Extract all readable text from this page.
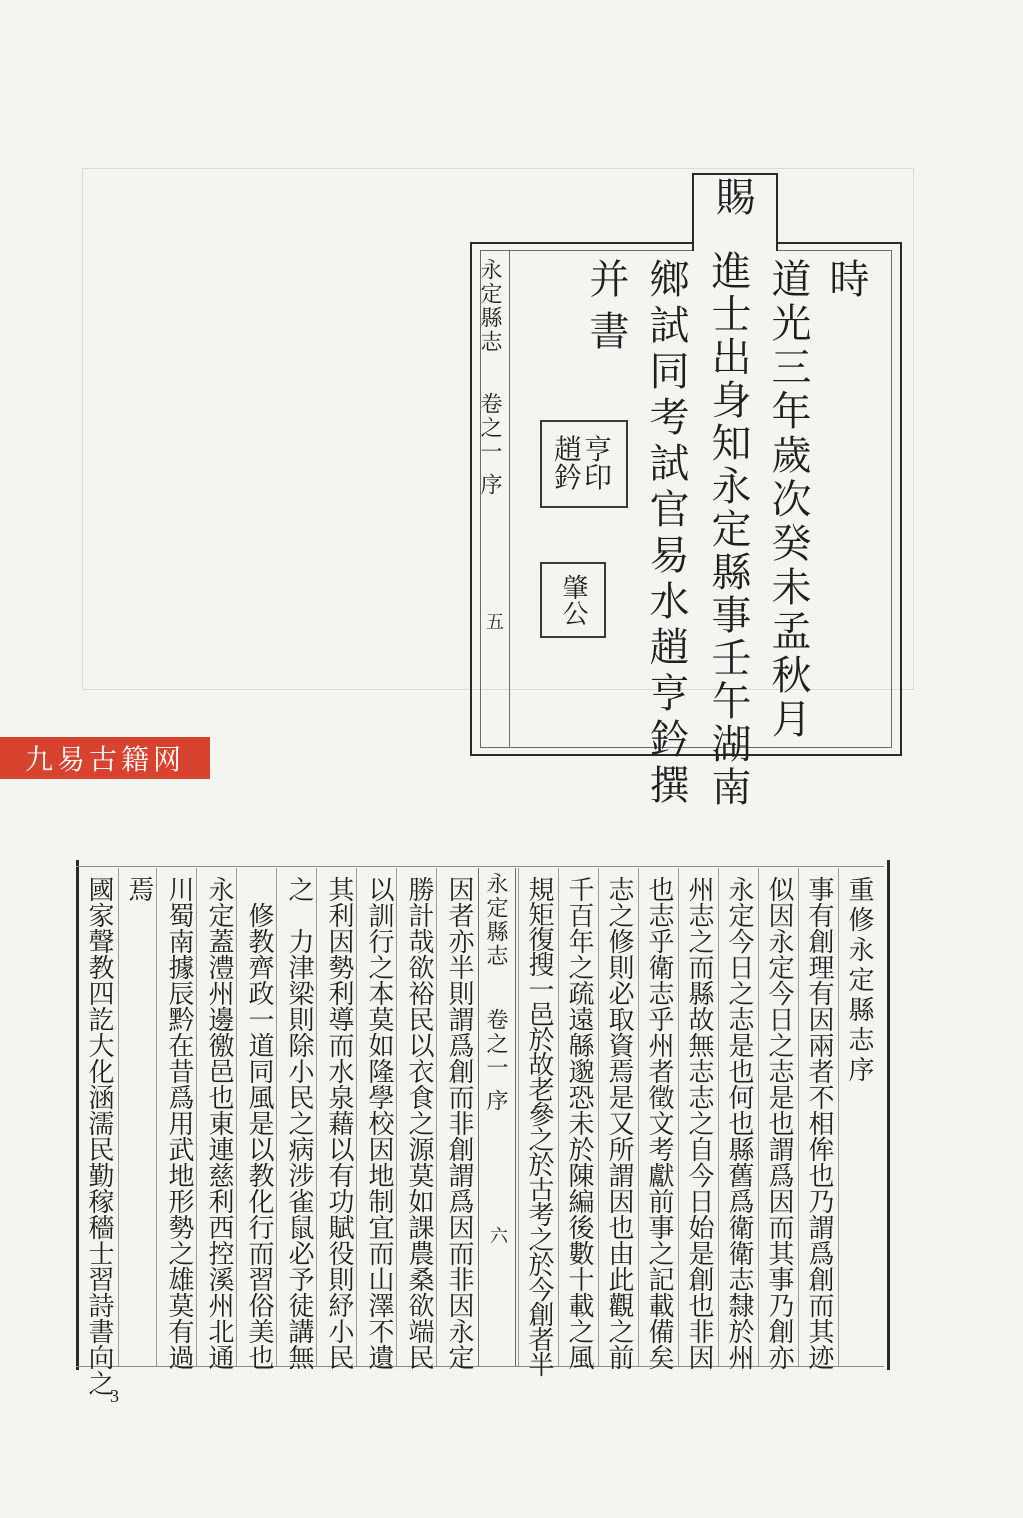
賜
時
道光三年歲次癸未孟秋月
進士出身知永定縣事壬午湖南
鄉試同考試官易水趙亨鈐撰
并書
趙亨鈐印
肇公
永定縣志
卷之一 序
五
九易古籍网
重修永定縣志序
事有創理有因兩者不相侔也乃謂爲創而其迹
似因永定今日之志是也謂爲因而其事乃創亦
永定今日之志是也何也縣舊爲衛衛志隸於州
州志之而縣故無志志之自今日始是創也非因
也志乎衛志乎州者徵文考獻前事之記載備矣
志之修則必取資焉是又所謂因也由此觀之前
千百年之疏遠緜邈恐未於陳編後數十載之風
規矩復搜一邑於故老參之於古考之於今創者半
永定縣志
卷之一 序
六
因者亦半則謂爲創而非創謂爲因而非因永定
勝計哉欲裕民以衣食之源莫如課農桑欲端民
以訓行之本莫如隆學校因地制宜而山澤不遺
其利因勢利導而水泉藉以有功賦役則紓小民
之　力津梁則除小民之病涉雀鼠必予徒講無
　修教齊政一道同風是以教化行而習俗美也
永定蓋澧州邊徼邑也東連慈利西控溪州北通
川蜀南據辰黔在昔爲用武地形勢之雄莫有過
焉
國家聲教四訖大化涵濡民勤稼穡士習詩書向之
3
